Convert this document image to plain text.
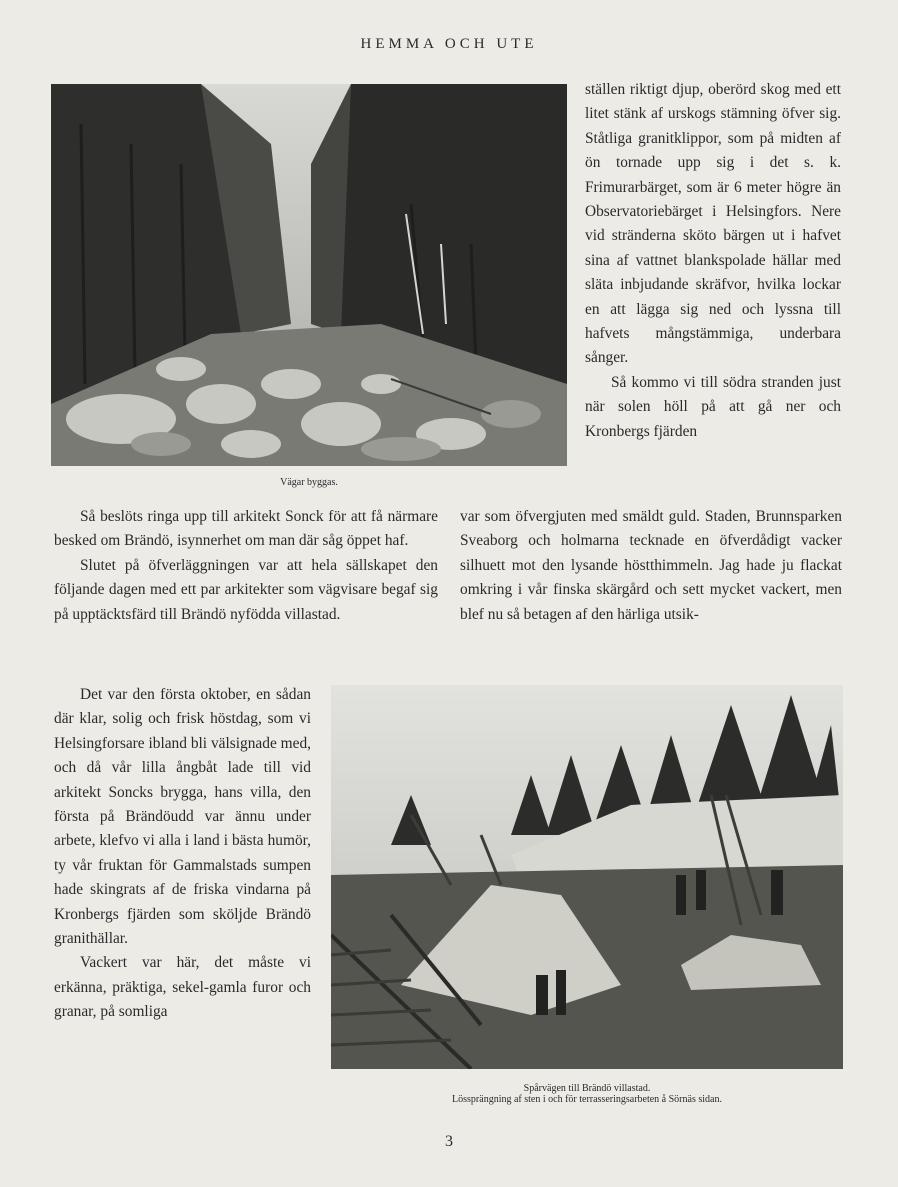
HEMMA OCH UTE
Vägar byggas.

ställen riktigt djup, oberörd skog med ett litet stänk af urskogs stämning öfver sig. Ståtliga granitklippor, som på midten af ön tornade upp sig i det s. k. Frimurarbärget, som är 6 meter högre än Observatoriebärget i Helsingfors. Nere vid stränderna sköto bärgen ut i hafvet sina af vattnet blankspolade hällar med släta inbjudande skräfvor, hvilka lockar en att lägga sig ned och lyssna till hafvets mångstämmiga, underbara sånger.

Så kommo vi till södra stranden just när solen höll på att gå ner och Kronbergs fjärden

Så beslöts ringa upp till arkitekt Sonck för att få närmare besked om Brändö, isynnerhet om man där såg öppet haf.

Slutet på öfverläggningen var att hela sällskapet den följande dagen med ett par arkitekter som vägvisare begaf sig på upptäcktsfärd till Brändö nyfödda villastad.

var som öfvergjuten med smäldt guld. Staden, Brunnsparken Sveaborg och holmarna tecknade en öfverdådigt vacker silhuett mot den lysande höstthimmeln. Jag hade ju flackat omkring i vår finska skärgård och sett mycket vackert, men blef nu så betagen af den härliga utsik-

Det var den första oktober, en sådan där klar, solig och frisk höstdag, som vi Helsingforsare ibland bli välsignade med, och då vår lilla ångbåt lade till vid arkitekt Soncks brygga, hans villa, den första på Brändöudd var ännu under arbete, klefvo vi alla i land i bästa humör, ty vår fruktan för Gammalstads sumpen hade skingrats af de friska vindarna på Kronbergs fjärden som sköljde Brändö granithällar.

Vackert var här, det måste vi erkänna, präktiga, sekel-gamla furor och granar, på somliga

Spårvägen till Brändö villastad.
Lössprängning af sten i och för terrasseringsarbeten å Sörnäs sidan.
3
